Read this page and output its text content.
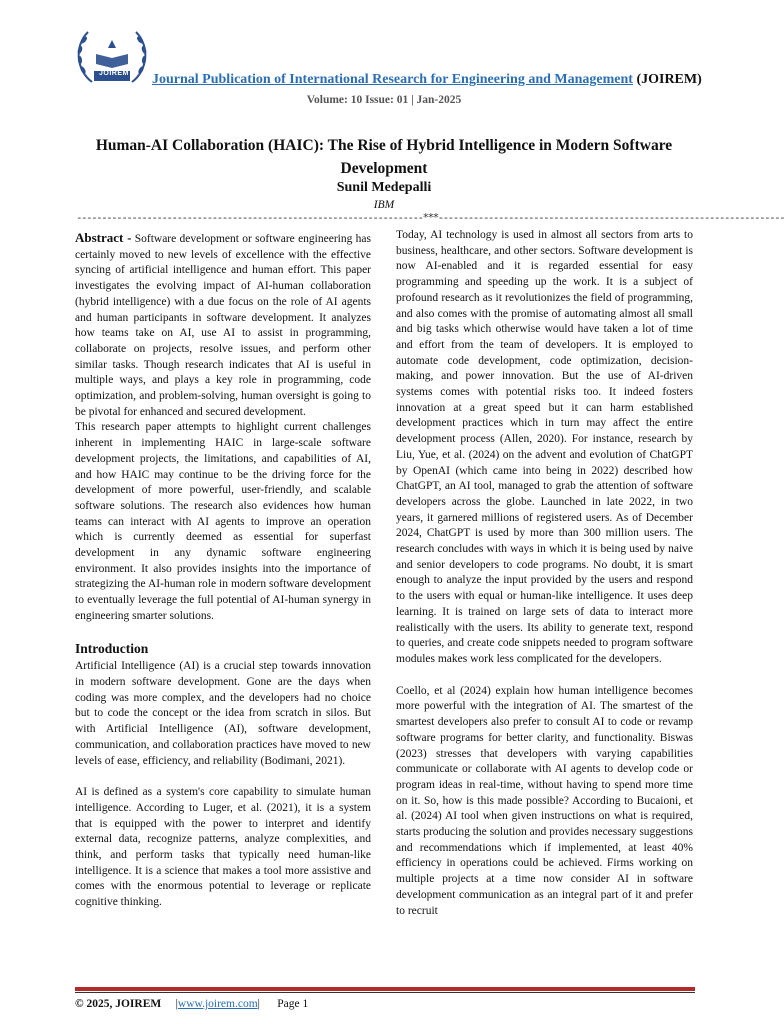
JOIREM Journal Publication of International Research for Engineering and Management (JOIREM)
Volume: 10 Issue: 01 | Jan-2025
Human-AI Collaboration (HAIC): The Rise of Hybrid Intelligence in Modern Software Development
Sunil Medepalli
IBM
---------------------------------------------------------------------***---------------------------------------------------------------------

Abstract - Software development or software engineering has certainly moved to new levels of excellence with the effective syncing of artificial intelligence and human effort. This paper investigates the evolving impact of AI-human collaboration (hybrid intelligence) with a due focus on the role of AI agents and human participants in software development. It analyzes how teams take on AI, use AI to assist in programming, collaborate on projects, resolve issues, and perform other similar tasks. Though research indicates that AI is useful in multiple ways, and plays a key role in programming, code optimization, and problem-solving, human oversight is going to be pivotal for enhanced and secured development.

This research paper attempts to highlight current challenges inherent in implementing HAIC in large-scale software development projects, the limitations, and capabilities of AI, and how HAIC may continue to be the driving force for the development of more powerful, user-friendly, and scalable software solutions. The research also evidences how human teams can interact with AI agents to improve an operation which is currently deemed as essential for superfast development in any dynamic software engineering environment. It also provides insights into the importance of strategizing the AI-human role in modern software development to eventually leverage the full potential of AI-human synergy in engineering smarter solutions.

Introduction

Artificial Intelligence (AI) is a crucial step towards innovation in modern software development. Gone are the days when coding was more complex, and the developers had no choice but to code the concept or the idea from scratch in silos. But with Artificial Intelligence (AI), software development, communication, and collaboration practices have moved to new levels of ease, efficiency, and reliability (Bodimani, 2021).

AI is defined as a system's core capability to simulate human intelligence. According to Luger, et al. (2021), it is a system that is equipped with the power to interpret and identify external data, recognize patterns, analyze complexities, and think, and perform tasks that typically need human-like intelligence. It is a science that makes a tool more assistive and comes with the enormous potential to leverage or replicate cognitive thinking.

Today, AI technology is used in almost all sectors from arts to business, healthcare, and other sectors. Software development is now AI-enabled and it is regarded essential for easy programming and speeding up the work. It is a subject of profound research as it revolutionizes the field of programming, and also comes with the promise of automating almost all small and big tasks which otherwise would have taken a lot of time and effort from the team of developers. It is employed to automate code development, code optimization, decision-making, and power innovation. But the use of AI-driven systems comes with potential risks too. It indeed fosters innovation at a great speed but it can harm established development practices which in turn may affect the entire development process (Allen, 2020). For instance, research by Liu, Yue, et al. (2024) on the advent and evolution of ChatGPT by OpenAI (which came into being in 2022) described how ChatGPT, an AI tool, managed to grab the attention of software developers across the globe. Launched in late 2022, in two years, it garnered millions of registered users. As of December 2024, ChatGPT is used by more than 300 million users. The research concludes with ways in which it is being used by naive and senior developers to code programs. No doubt, it is smart enough to analyze the input provided by the users and respond to the users with equal or human-like intelligence. It uses deep learning. It is trained on large sets of data to interact more realistically with the users. Its ability to generate text, respond to queries, and create code snippets needed to program software modules makes work less complicated for the developers.

Coello, et al (2024) explain how human intelligence becomes more powerful with the integration of AI. The smartest of the smartest developers also prefer to consult AI to code or revamp software programs for better clarity, and functionality. Biswas (2023) stresses that developers with varying capabilities communicate or collaborate with AI agents to develop code or program ideas in real-time, without having to spend more time on it. So, how is this made possible? According to Bucaioni, et al. (2024) AI tool when given instructions on what is required, starts producing the solution and provides necessary suggestions and recommendations which if implemented, at least 40% efficiency in operations could be achieved. Firms working on multiple projects at a time now consider AI in software development communication as an integral part of it and prefer to recruit

© 2025, JOIREM |www.joirem.com| Page 1
